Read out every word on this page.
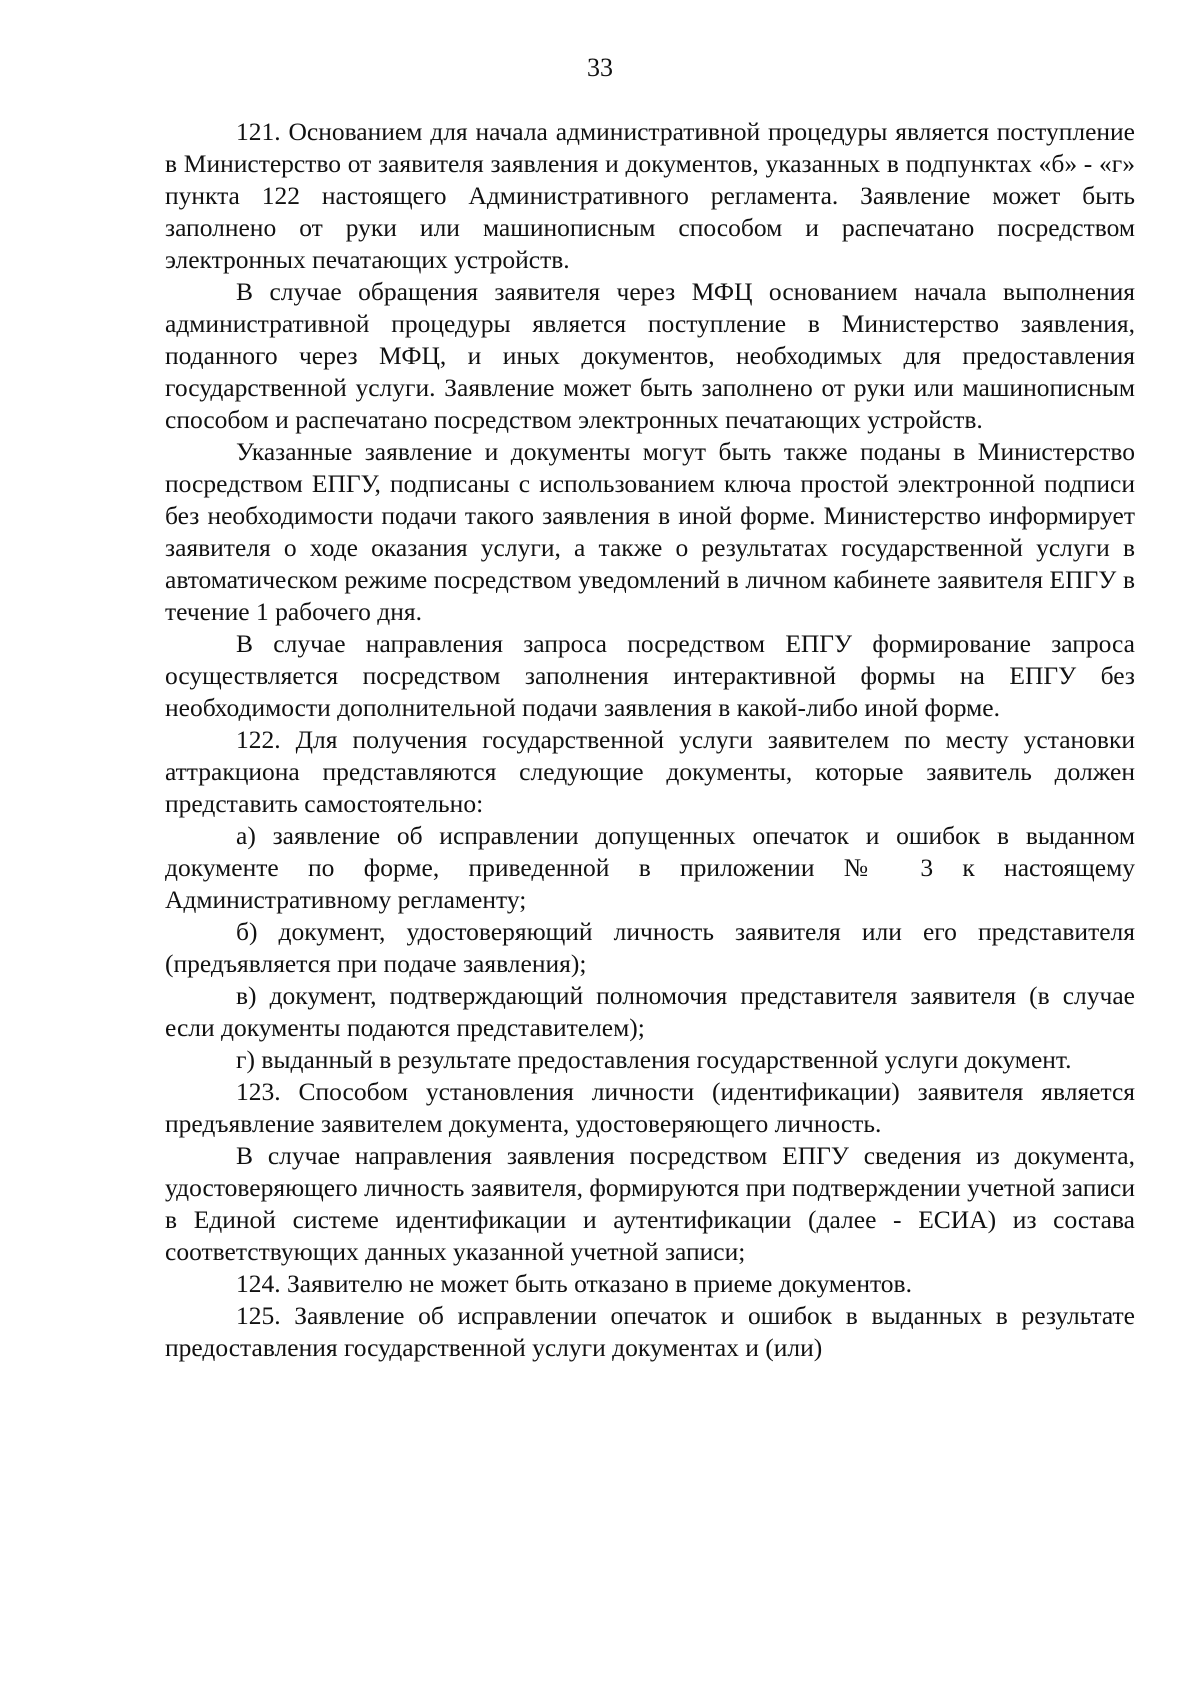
33

121. Основанием для начала административной процедуры является поступление в Министерство от заявителя заявления и документов, указанных в подпунктах «б» - «г» пункта 122 настоящего Административного регламента. Заявление может быть заполнено от руки или машинописным способом и распечатано посредством электронных печатающих устройств.

В случае обращения заявителя через МФЦ основанием начала выполнения административной процедуры является поступление в Министерство заявления, поданного через МФЦ, и иных документов, необходимых для предоставления государственной услуги. Заявление может быть заполнено от руки или машинописным способом и распечатано посредством электронных печатающих устройств.

Указанные заявление и документы могут быть также поданы в Министерство посредством ЕПГУ, подписаны с использованием ключа простой электронной подписи без необходимости подачи такого заявления в иной форме. Министерство информирует заявителя о ходе оказания услуги, а также о результатах государственной услуги в автоматическом режиме посредством уведомлений в личном кабинете заявителя ЕПГУ в течение 1 рабочего дня.

В случае направления запроса посредством ЕПГУ формирование запроса осуществляется посредством заполнения интерактивной формы на ЕПГУ без необходимости дополнительной подачи заявления в какой-либо иной форме.

122. Для получения государственной услуги заявителем по месту установки аттракциона представляются следующие документы, которые заявитель должен представить самостоятельно:

а) заявление об исправлении допущенных опечаток и ошибок в выданном документе по форме, приведенной в приложении № 3 к настоящему Административному регламенту;

б) документ, удостоверяющий личность заявителя или его представителя (предъявляется при подаче заявления);

в) документ, подтверждающий полномочия представителя заявителя (в случае если документы подаются представителем);

г) выданный в результате предоставления государственной услуги документ.

123. Способом установления личности (идентификации) заявителя является предъявление заявителем документа, удостоверяющего личность.

В случае направления заявления посредством ЕПГУ сведения из документа, удостоверяющего личность заявителя, формируются при подтверждении учетной записи в Единой системе идентификации и аутентификации (далее - ЕСИА) из состава соответствующих данных указанной учетной записи;

124. Заявителю не может быть отказано в приеме документов.

125. Заявление об исправлении опечаток и ошибок в выданных в результате предоставления государственной услуги документах и (или)
